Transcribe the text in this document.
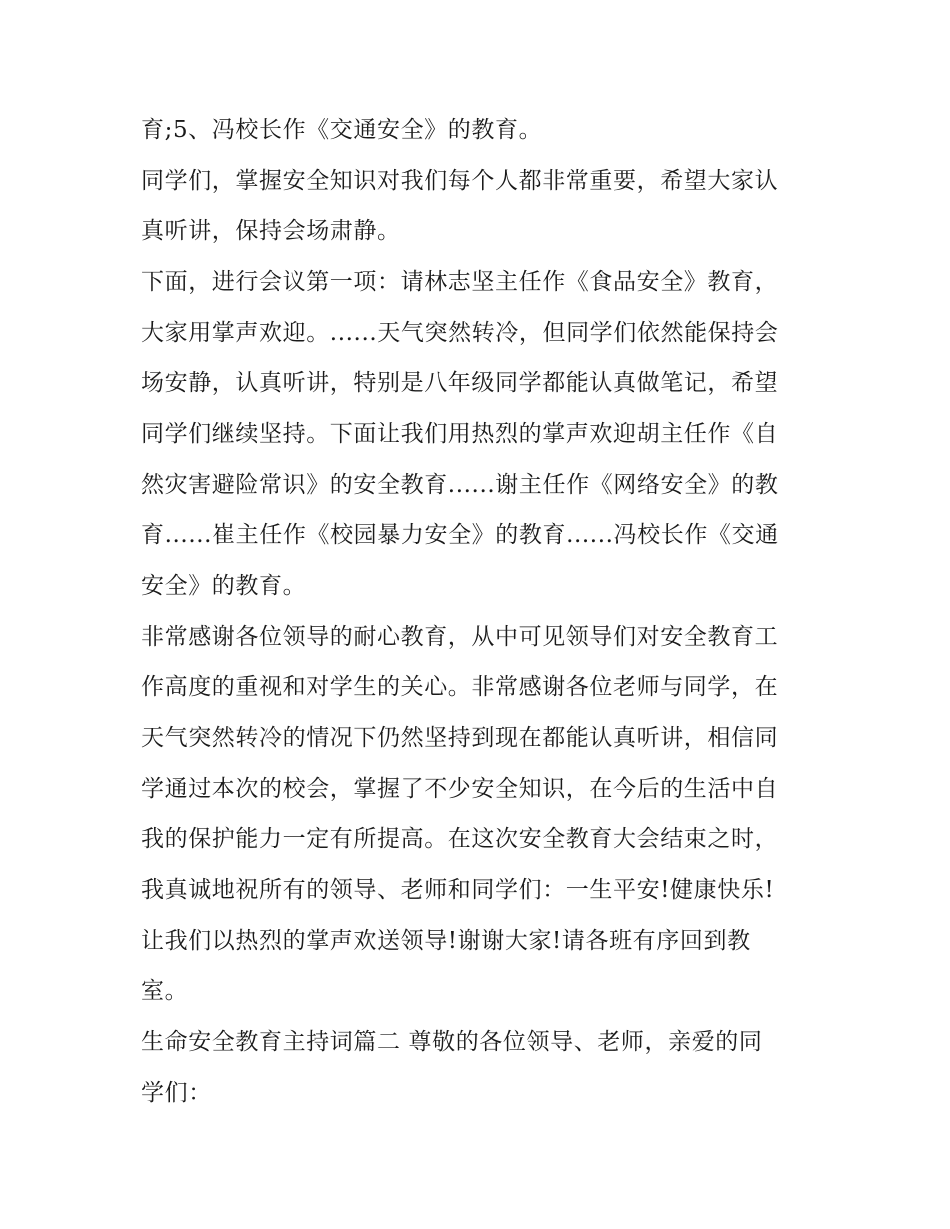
育;5、冯校长作《交通安全》的教育。
同学们，掌握安全知识对我们每个人都非常重要，希望大家认
真听讲，保持会场肃静。
下面，进行会议第一项：请林志坚主任作《食品安全》教育，
大家用掌声欢迎。......天气突然转冷，但同学们依然能保持会
场安静，认真听讲，特别是八年级同学都能认真做笔记，希望
同学们继续坚持。下面让我们用热烈的掌声欢迎胡主任作《自
然灾害避险常识》的安全教育......谢主任作《网络安全》的教
育......崔主任作《校园暴力安全》的教育......冯校长作《交通
安全》的教育。
非常感谢各位领导的耐心教育，从中可见领导们对安全教育工
作高度的重视和对学生的关心。非常感谢各位老师与同学，在
天气突然转冷的情况下仍然坚持到现在都能认真听讲，相信同
学通过本次的校会，掌握了不少安全知识，在今后的生活中自
我的保护能力一定有所提高。在这次安全教育大会结束之时，
我真诚地祝所有的领导、老师和同学们：一生平安!健康快乐!
让我们以热烈的掌声欢送领导!谢谢大家!请各班有序回到教
室。
生命安全教育主持词篇二 尊敬的各位领导、老师，亲爱的同
学们：
